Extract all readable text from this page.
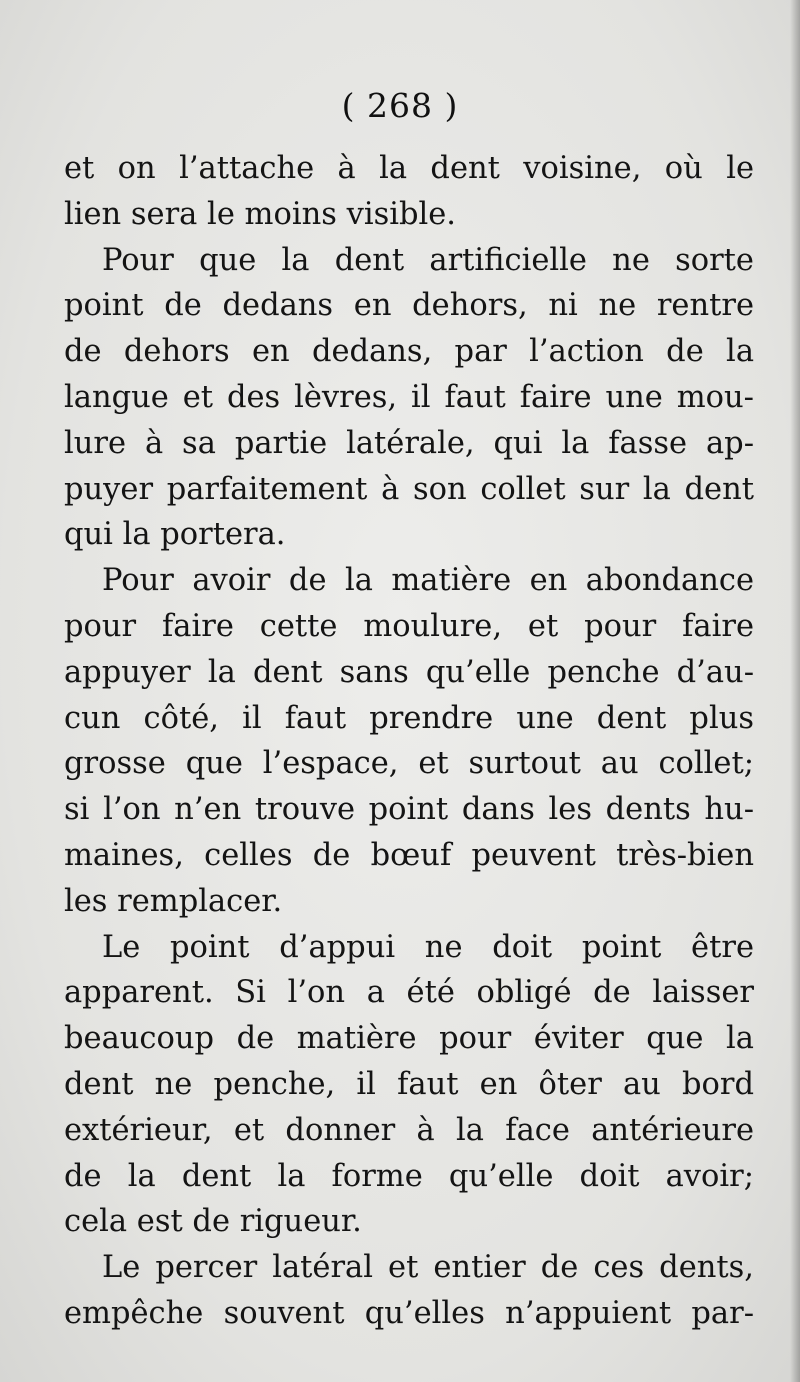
( 268 )
et on l’attache à la dent voisine, où le
lien sera le moins visible.
Pour que la dent artificielle ne sorte
point de dedans en dehors, ni ne rentre
de dehors en dedans, par l’action de la
langue et des lèvres, il faut faire une mou-
lure à sa partie latérale, qui la fasse ap-
puyer parfaitement à son collet sur la dent
qui la portera.
Pour avoir de la matière en abondance
pour faire cette moulure, et pour faire
appuyer la dent sans qu’elle penche d’au-
cun côté, il faut prendre une dent plus
grosse que l’espace, et surtout au collet;
si l’on n’en trouve point dans les dents hu-
maines, celles de bœuf peuvent très-bien
les remplacer.
Le point d’appui ne doit point être
apparent. Si l’on a été obligé de laisser
beaucoup de matière pour éviter que la
dent ne penche, il faut en ôter au bord
extérieur, et donner à la face antérieure
de la dent la forme qu’elle doit avoir;
cela est de rigueur.
Le percer latéral et entier de ces dents,
empêche souvent qu’elles n’appuient par-
